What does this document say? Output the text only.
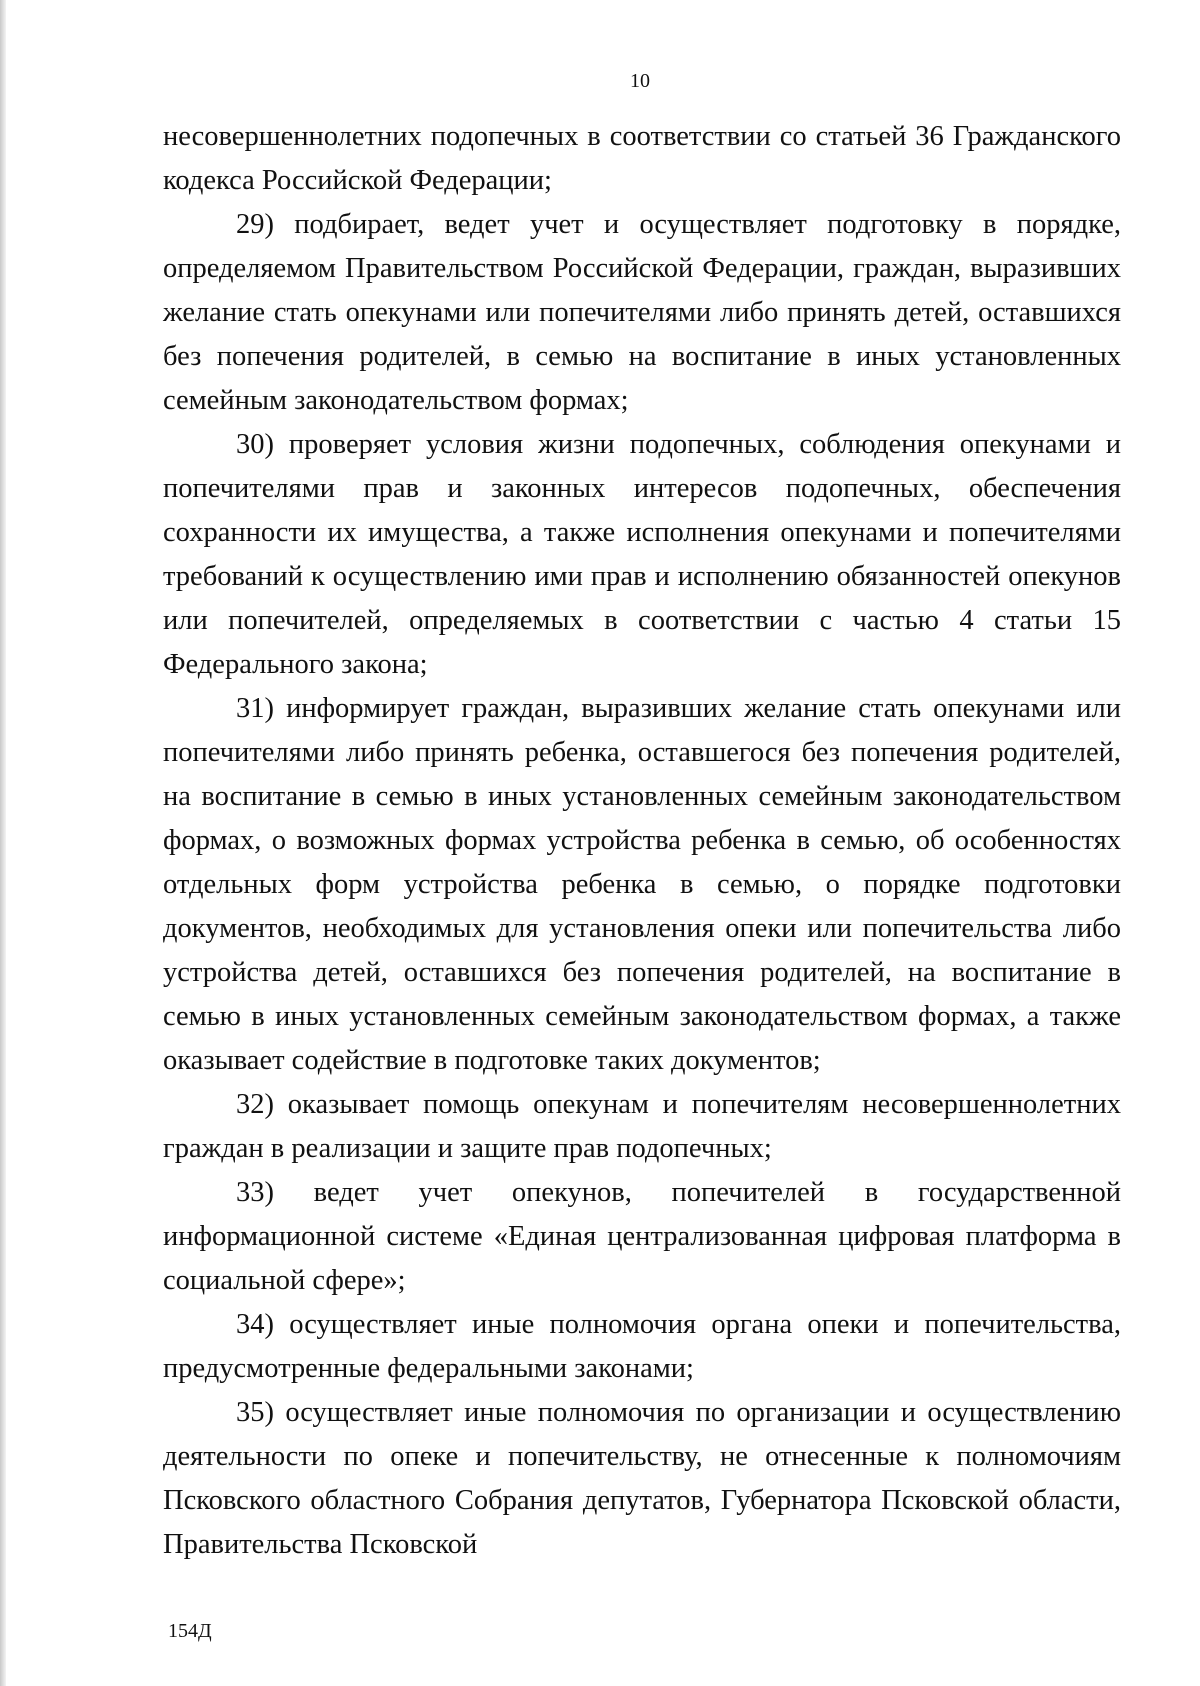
10

несовершеннолетних подопечных в соответствии со статьей 36 Гражданского кодекса Российской Федерации;

29) подбирает, ведет учет и осуществляет подготовку в порядке, определяемом Правительством Российской Федерации, граждан, выразивших желание стать опекунами или попечителями либо принять детей, оставшихся без попечения родителей, в семью на воспитание в иных установленных семейным законодательством формах;

30) проверяет условия жизни подопечных, соблюдения опекунами и попечителями прав и законных интересов подопечных, обеспечения сохранности их имущества, а также исполнения опекунами и попечителями требований к осуществлению ими прав и исполнению обязанностей опекунов или попечителей, определяемых в соответствии с частью 4 статьи 15 Федерального закона;

31) информирует граждан, выразивших желание стать опекунами или попечителями либо принять ребенка, оставшегося без попечения родителей, на воспитание в семью в иных установленных семейным законодательством формах, о возможных формах устройства ребенка в семью, об особенностях отдельных форм устройства ребенка в семью, о порядке подготовки документов, необходимых для установления опеки или попечительства либо устройства детей, оставшихся без попечения родителей, на воспитание в семью в иных установленных семейным законодательством формах, а также оказывает содействие в подготовке таких документов;

32) оказывает помощь опекунам и попечителям несовершеннолетних граждан в реализации и защите прав подопечных;

33) ведет учет опекунов, попечителей в государственной информационной системе «Единая централизованная цифровая платформа в социальной сфере»;

34) осуществляет иные полномочия органа опеки и попечительства, предусмотренные федеральными законами;

35) осуществляет иные полномочия по организации и осуществлению деятельности по опеке и попечительству, не отнесенные к полномочиям Псковского областного Собрания депутатов, Губернатора Псковской области, Правительства Псковской

154Д
